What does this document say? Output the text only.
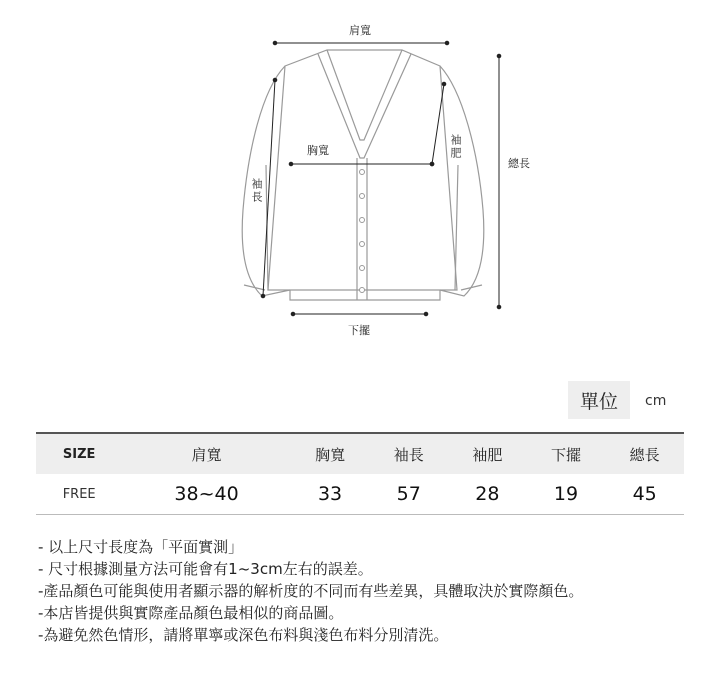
肩寬
胸寬
袖長
袖肥
總長
下擺
單位	cm
SIZE	肩寬	胸寬	袖長	袖肥	下擺	總長
FREE	38~40	33	57	28	19	45
- 以上尺寸長度為「平面實測」
- 尺寸根據測量方法可能會有1~3cm左右的誤差。
-產品顏色可能與使用者顯示器的解析度的不同而有些差異，具體取決於實際顏色。
-本店皆提供與實際產品顏色最相似的商品圖。
-為避免然色情形，請將單寧或深色布料與淺色布料分別清洗。
